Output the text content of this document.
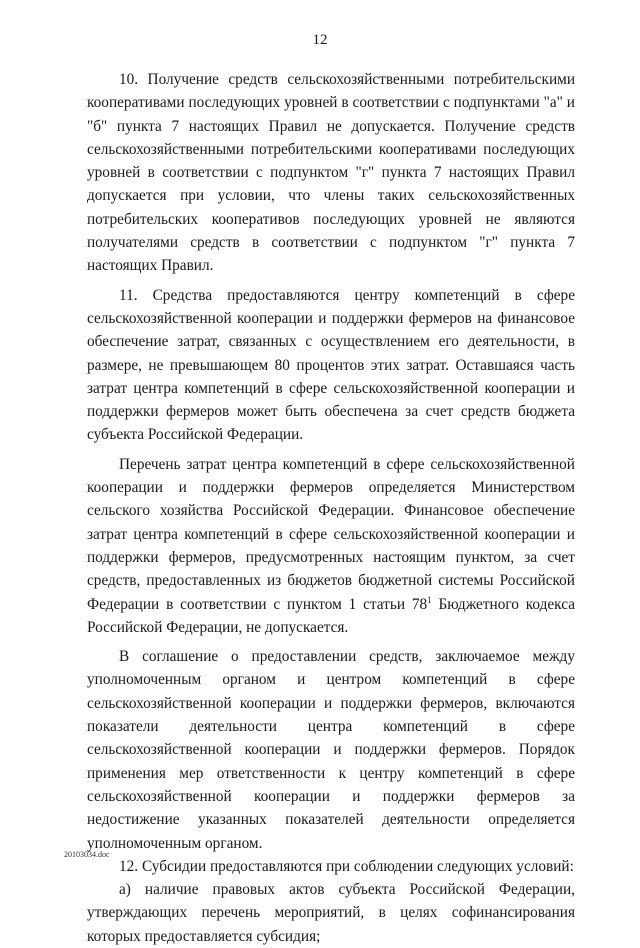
12

10. Получение средств сельскохозяйственными потребительскими кооперативами последующих уровней в соответствии с подпунктами "а" и "б" пункта 7 настоящих Правил не допускается. Получение средств сельскохозяйственными потребительскими кооперативами последующих уровней в соответствии с подпунктом "г" пункта 7 настоящих Правил допускается при условии, что члены таких сельскохозяйственных потребительских кооперативов последующих уровней не являются получателями средств в соответствии с подпунктом "г" пункта 7 настоящих Правил.

11. Средства предоставляются центру компетенций в сфере сельскохозяйственной кооперации и поддержки фермеров на финансовое обеспечение затрат, связанных с осуществлением его деятельности, в размере, не превышающем 80 процентов этих затрат. Оставшаяся часть затрат центра компетенций в сфере сельскохозяйственной кооперации и поддержки фермеров может быть обеспечена за счет средств бюджета субъекта Российской Федерации.

Перечень затрат центра компетенций в сфере сельскохозяйственной кооперации и поддержки фермеров определяется Министерством сельского хозяйства Российской Федерации. Финансовое обеспечение затрат центра компетенций в сфере сельскохозяйственной кооперации и поддержки фермеров, предусмотренных настоящим пунктом, за счет средств, предоставленных из бюджетов бюджетной системы Российской Федерации в соответствии с пунктом 1 статьи $78^1$ Бюджетного кодекса Российской Федерации, не допускается.

В соглашение о предоставлении средств, заключаемое между уполномоченным органом и центром компетенций в сфере сельскохозяйственной кооперации и поддержки фермеров, включаются показатели деятельности центра компетенций в сфере сельскохозяйственной кооперации и поддержки фермеров. Порядок применения мер ответственности к центру компетенций в сфере сельскохозяйственной кооперации и поддержки фермеров за недостижение указанных показателей деятельности определяется уполномоченным органом.

12. Субсидии предоставляются при соблюдении следующих условий:

а) наличие правовых актов субъекта Российской Федерации, утверждающих перечень мероприятий, в целях софинансирования которых предоставляется субсидия;

20103034.doc
